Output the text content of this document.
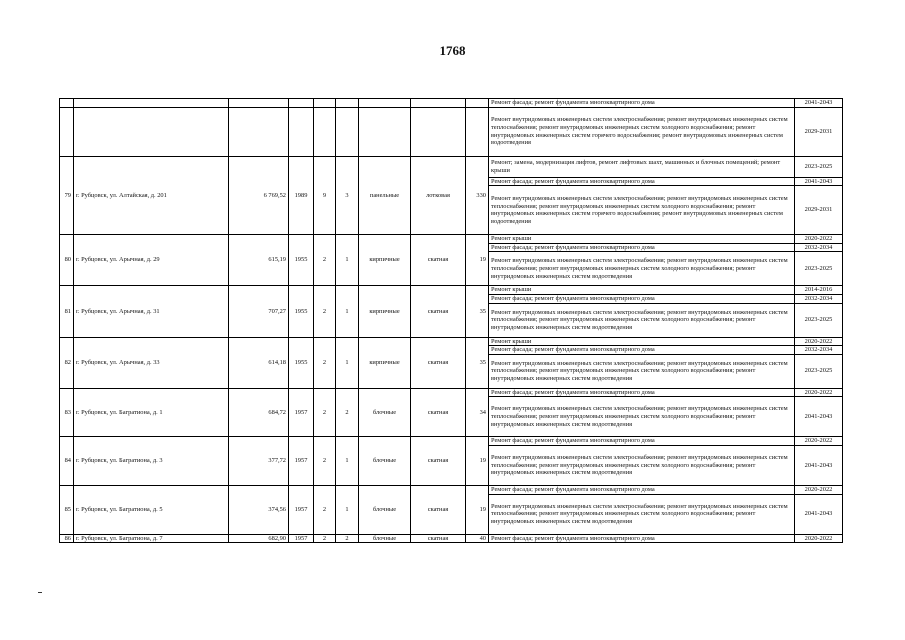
1768
									Ремонт фасада; ремонт фундамента многоквартирного дома	2041-2043
									Ремонт внутридомовых инженерных систем электроснабжения; ремонт внутридомовых инженерных систем теплоснабжения; ремонт внутридомовых инженерных систем холодного водоснабжения; ремонт внутридомовых инженерных систем горячего водоснабжения; ремонт внутридомовых инженерных систем водоотведения	2029-2031
79	г. Рубцовск, ул. Алтайская, д. 201	6 769,52	1989	9	3	панельные	лотковая	330	Ремонт; замена, модернизация лифтов, ремонт лифтовых шахт, машинных и блочных помещений; ремонт крыши	2023-2025
									Ремонт фасада; ремонт фундамента многоквартирного дома	2041-2043
									Ремонт внутридомовых инженерных систем электроснабжения; ремонт внутридомовых инженерных систем теплоснабжения; ремонт внутридомовых инженерных систем холодного водоснабжения; ремонт внутридомовых инженерных систем горячего водоснабжения; ремонт внутридомовых инженерных систем водоотведения	2029-2031
80	г. Рубцовск, ул. Арычная, д. 29	615,19	1955	2	1	кирпичные	скатная	19	Ремонт крыши	2020-2022
									Ремонт фасада; ремонт фундамента многоквартирного дома	2032-2034
									Ремонт внутридомовых инженерных систем электроснабжения; ремонт внутридомовых инженерных систем теплоснабжения; ремонт внутридомовых инженерных систем холодного водоснабжения; ремонт внутридомовых инженерных систем водоотведения	2023-2025
81	г. Рубцовск, ул. Арычная, д. 31	707,27	1955	2	1	кирпичные	скатная	35	Ремонт крыши	2014-2016
									Ремонт фасада; ремонт фундамента многоквартирного дома	2032-2034
									Ремонт внутридомовых инженерных систем электроснабжения; ремонт внутридомовых инженерных систем теплоснабжения; ремонт внутридомовых инженерных систем холодного водоснабжения; ремонт внутридомовых инженерных систем водоотведения	2023-2025
82	г. Рубцовск, ул. Арычная, д. 33	614,18	1955	2	1	кирпичные	скатная	35	Ремонт крыши	2020-2022
									Ремонт фасада; ремонт фундамента многоквартирного дома	2032-2034
									Ремонт внутридомовых инженерных систем электроснабжения; ремонт внутридомовых инженерных систем теплоснабжения; ремонт внутридомовых инженерных систем холодного водоснабжения; ремонт внутридомовых инженерных систем водоотведения	2023-2025
83	г. Рубцовск, ул. Багратиона, д. 1	684,72	1957	2	2	блочные	скатная	34	Ремонт фасада; ремонт фундамента многоквартирного дома	2020-2022
									Ремонт внутридомовых инженерных систем электроснабжения; ремонт внутридомовых инженерных систем теплоснабжения; ремонт внутридомовых инженерных систем холодного водоснабжения; ремонт внутридомовых инженерных систем водоотведения	2041-2043
84	г. Рубцовск, ул. Багратиона, д. 3	377,72	1957	2	1	блочные	скатная	19	Ремонт фасада; ремонт фундамента многоквартирного дома	2020-2022
									Ремонт внутридомовых инженерных систем электроснабжения; ремонт внутридомовых инженерных систем теплоснабжения; ремонт внутридомовых инженерных систем холодного водоснабжения; ремонт внутридомовых инженерных систем водоотведения	2041-2043
85	г. Рубцовск, ул. Багратиона, д. 5	374,56	1957	2	1	блочные	скатная	19	Ремонт фасада; ремонт фундамента многоквартирного дома	2020-2022
									Ремонт внутридомовых инженерных систем электроснабжения; ремонт внутридомовых инженерных систем теплоснабжения; ремонт внутридомовых инженерных систем холодного водоснабжения; ремонт внутридомовых инженерных систем водоотведения	2041-2043
86	г. Рубцовск, ул. Багратиона, д. 7	682,90	1957	2	2	блочные	скатная	40	Ремонт фасада; ремонт фундамента многоквартирного дома	2020-2022
